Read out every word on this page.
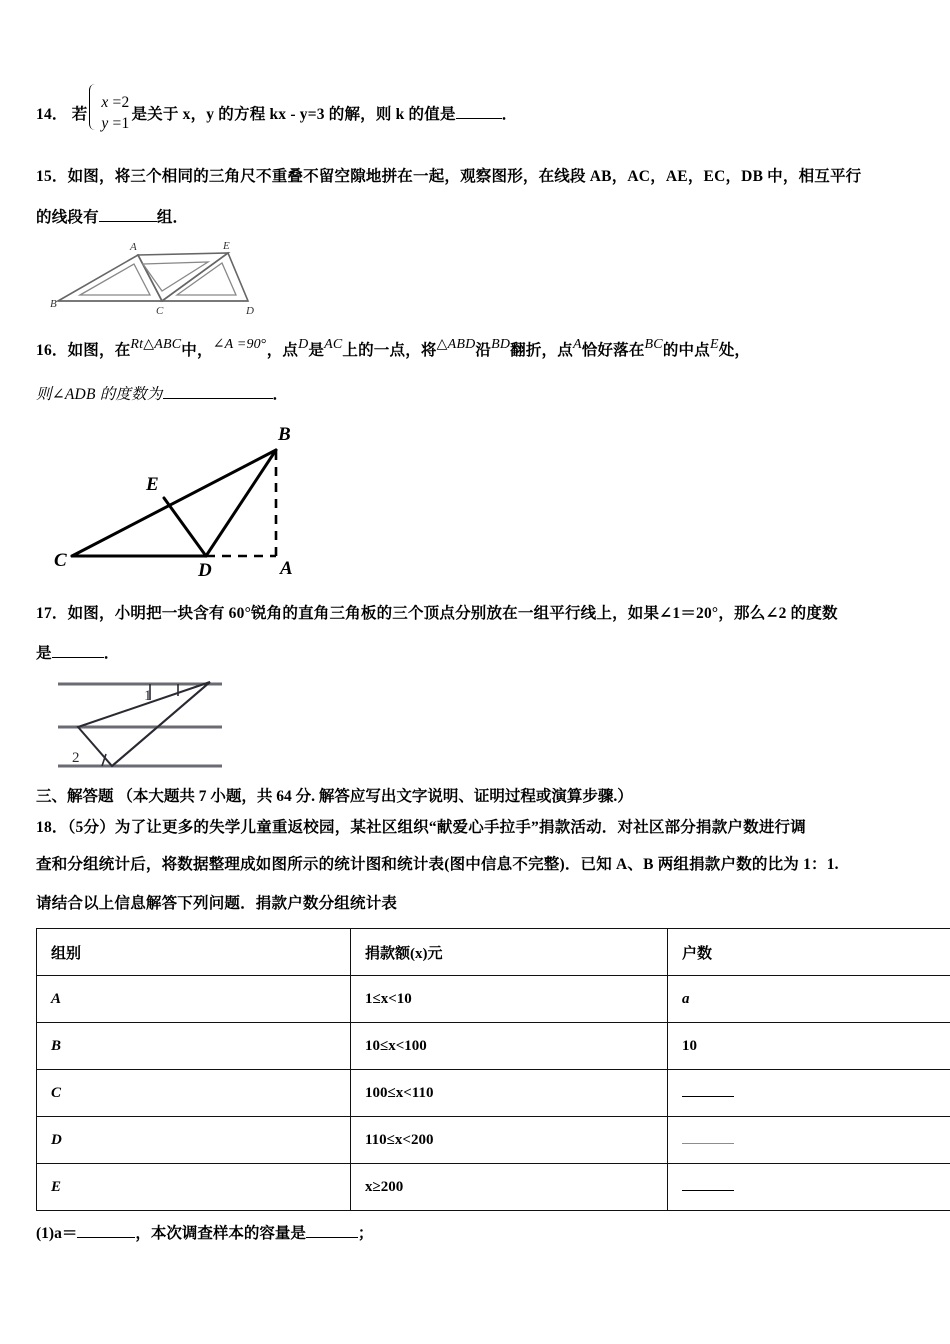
14． 若
x =2
y =1
是关于 x，y 的方程 kx - y=3 的解，则 k 的值是	．
15．如图，将三个相同的三角尺不重叠不留空隙地拼在一起，观察图形，在线段 AB，AC，AE，EC，DB 中，相互平行
的线段有	组．
A	E
B
C	D
16．如图，在Rt△ABC中，∠A =90°，点D是AC上的一点，将△ABD沿BD翻折，点A恰好落在BC的中点E处，
则∠ADB 的度数为	．
B
E
C	D	A
17．如图，小明把一块含有 60°锐角的直角三角板的三个顶点分别放在一组平行线上，如果∠1＝20°，那么∠2 的度数
是	．
1
2
三、解答题 （本大题共 7 小题，共 64 分. 解答应写出文字说明、证明过程或演算步骤.）
18．（5分）为了让更多的失学儿童重返校园，某社区组织“献爱心手拉手”捐款活动．对社区部分捐款户数进行调
查和分组统计后，将数据整理成如图所示的统计图和统计表(图中信息不完整)．已知 A、B 两组捐款户数的比为 1：1.
请结合以上信息解答下列问题．捐款户数分组统计表
组别	捐款额(x)元	户数
A	1≤x<10	a
B	10≤x<100	10
C	100≤x<110	
D	110≤x<200	
E	x≥200	
(1)a＝	，本次调查样本的容量是	；
